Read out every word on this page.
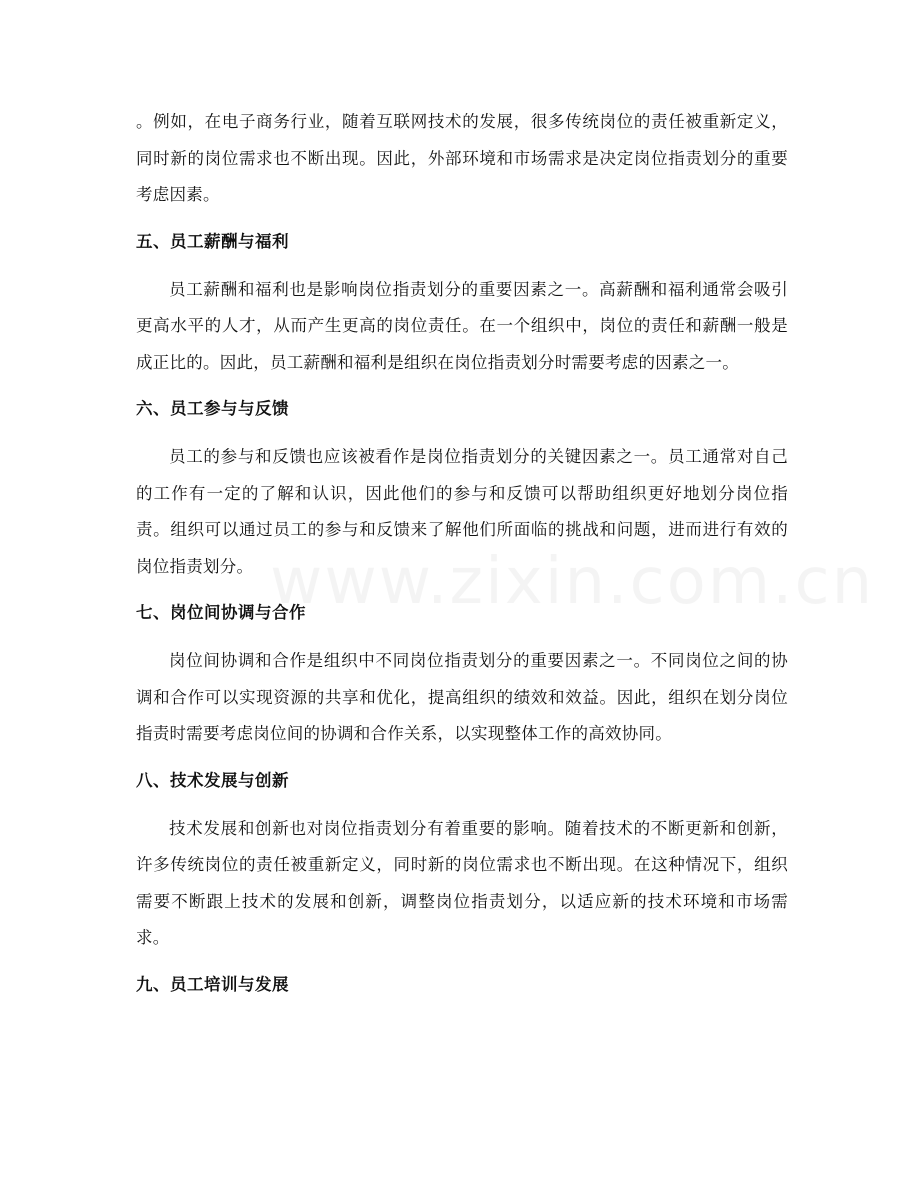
。例如，在电子商务行业，随着互联网技术的发展，很多传统岗位的责任被重新定义，同时新的岗位需求也不断出现。因此，外部环境和市场需求是决定岗位指责划分的重要考虑因素。

五、员工薪酬与福利

员工薪酬和福利也是影响岗位指责划分的重要因素之一。高薪酬和福利通常会吸引更高水平的人才，从而产生更高的岗位责任。在一个组织中，岗位的责任和薪酬一般是成正比的。因此，员工薪酬和福利是组织在岗位指责划分时需要考虑的因素之一。

六、员工参与与反馈

员工的参与和反馈也应该被看作是岗位指责划分的关键因素之一。员工通常对自己的工作有一定的了解和认识，因此他们的参与和反馈可以帮助组织更好地划分岗位指责。组织可以通过员工的参与和反馈来了解他们所面临的挑战和问题，进而进行有效的岗位指责划分。

七、岗位间协调与合作

岗位间协调和合作是组织中不同岗位指责划分的重要因素之一。不同岗位之间的协调和合作可以实现资源的共享和优化，提高组织的绩效和效益。因此，组织在划分岗位指责时需要考虑岗位间的协调和合作关系，以实现整体工作的高效协同。

八、技术发展与创新

技术发展和创新也对岗位指责划分有着重要的影响。随着技术的不断更新和创新，许多传统岗位的责任被重新定义，同时新的岗位需求也不断出现。在这种情况下，组织需要不断跟上技术的发展和创新，调整岗位指责划分，以适应新的技术环境和市场需求。

九、员工培训与发展
